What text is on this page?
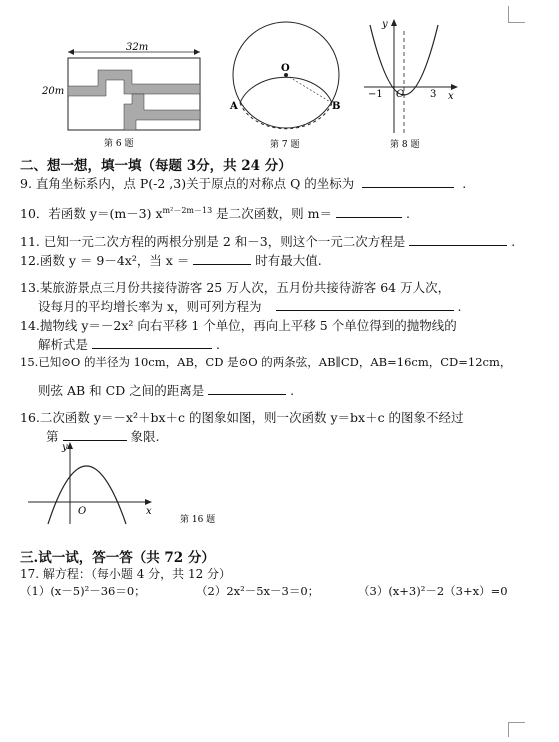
32m
20m
第 6 题
O
A	B
第 7 题
y
x
−1 O	3
第 8 题
二、想一想，填一填（每题 3分，共 24 分）
9. 直角坐标系内，点 P(-2 ,3)关于原点的对称点 Q 的坐标为	.
10．若函数 y＝(m－3) $x^{m^2-2m-13}$ 是二次函数，则 m＝	.
11. 已知一元二次方程的两根分别是 2 和－3，则这个一元二次方程是	.
12.函数 y ＝ 9－4x²，当 x ＝	时有最大值.
13.某旅游景点三月份共接待游客 25 万人次，五月份共接待游客 64 万人次，
设每月的平均增长率为 x，则可列方程为	.
14.抛物线 y＝－2x² 向右平移 1 个单位，再向上平移 5 个单位得到的抛物线的
解析式是	.
15.已知⊙O 的半径为 10cm，AB，CD 是⊙O 的两条弦，AB∥CD，AB=16cm，CD=12cm，
则弦 AB 和 CD 之间的距离是	.
16.二次函数 y＝－x²＋bx＋c 的图象如图，则一次函数 y＝bx＋c 的图象不经过
第	象限.
y
x
O
第 16 题
三.试一试，答一答（共 72 分）
17. 解方程：（每小题 4 分，共 12 分）
（1）(x－5)²－36＝0；	（2）2x²－5x－3＝0；	（3）(x+3)²－2（3+x）=0
